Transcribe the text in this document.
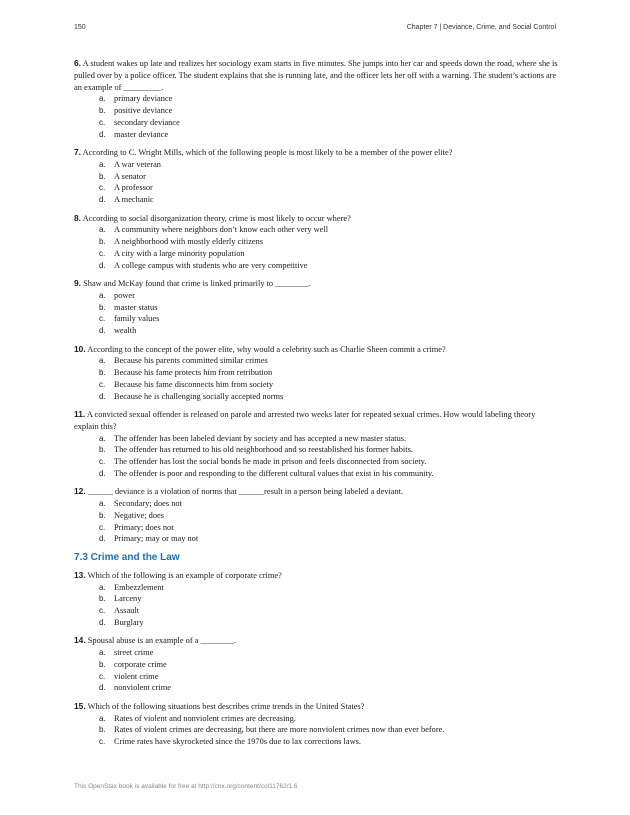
150	Chapter 7 | Deviance, Crime, and Social Control

6. A student wakes up late and realizes her sociology exam starts in five minutes. She jumps into her car and speeds down the road, where she is pulled over by a police officer. The student explains that she is running late, and the officer lets her off with a warning. The student’s actions are an example of _________.

a. primary deviance
b. positive deviance
c. secondary deviance
d. master deviance

7. According to C. Wright Mills, which of the following people is most likely to be a member of the power elite?

a. A war veteran
b. A senator
c. A professor
d. A mechanic

8. According to social disorganization theory, crime is most likely to occur where?

a. A community where neighbors don’t know each other very well
b. A neighborhood with mostly elderly citizens
c. A city with a large minority population
d. A college campus with students who are very competitive

9. Shaw and McKay found that crime is linked primarily to ________.

a. power
b. master status
c. family values
d. wealth

10. According to the concept of the power elite, why would a celebrity such as Charlie Sheen commit a crime?

a. Because his parents committed similar crimes
b. Because his fame protects him from retribution
c. Because his fame disconnects him from society
d. Because he is challenging socially accepted norms

11. A convicted sexual offender is released on parole and arrested two weeks later for repeated sexual crimes. How would labeling theory explain this?

a. The offender has been labeled deviant by society and has accepted a new master status.
b. The offender has returned to his old neighborhood and so reestablished his former habits.
c. The offender has lost the social bonds he made in prison and feels disconnected from society.
d. The offender is poor and responding to the different cultural values that exist in his community.

12. ______ deviance is a violation of norms that ______result in a person being labeled a deviant.

a. Secondary; does not
b. Negative; does
c. Primary; does not
d. Primary; may or may not
7.3 Crime and the Law

13. Which of the following is an example of corporate crime?

a. Embezzlement
b. Larceny
c. Assault
d. Burglary

14. Spousal abuse is an example of a ________.

a. street crime
b. corporate crime
c. violent crime
d. nonviolent crime

15. Which of the following situations best describes crime trends in the United States?

a. Rates of violent and nonviolent crimes are decreasing.
b. Rates of violent crimes are decreasing, but there are more nonviolent crimes now than ever before.
c. Crime rates have skyrocketed since the 1970s due to lax corrections laws.
This OpenStax book is available for free at http://cnx.org/content/col11762/1.6
